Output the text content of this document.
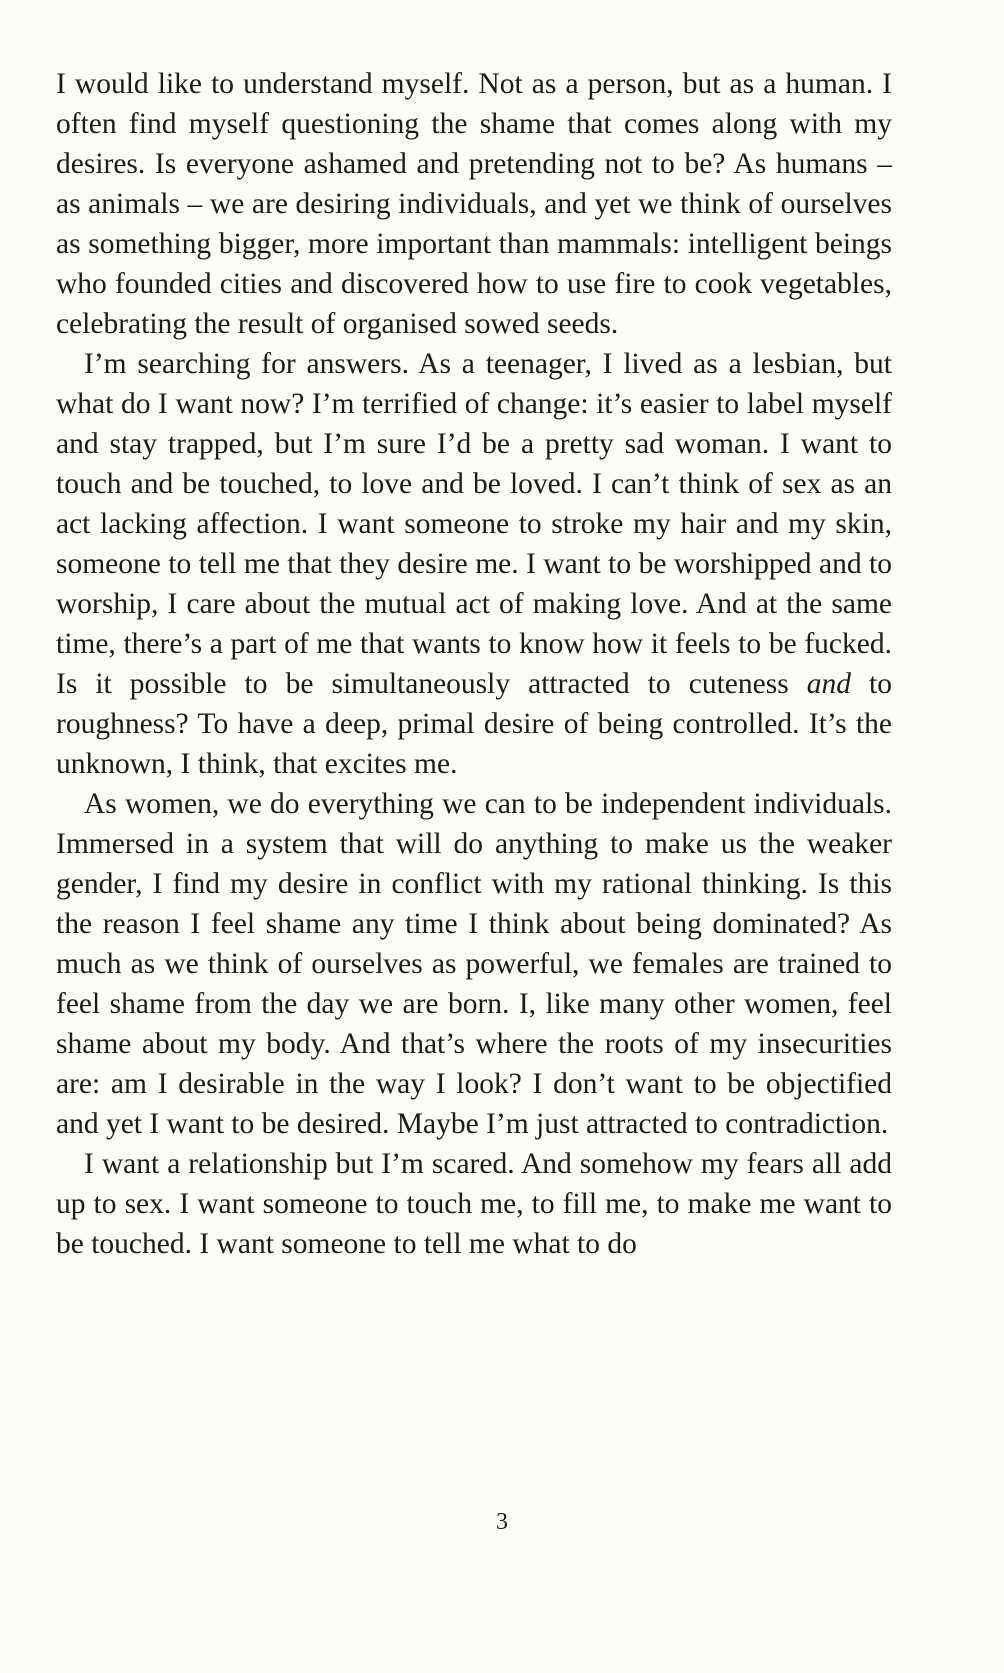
I would like to understand myself. Not as a person, but as a human. I often find myself questioning the shame that comes along with my desires. Is everyone ashamed and pretending not to be? As humans – as animals – we are desiring individuals, and yet we think of ourselves as something bigger, more important than mammals: intelligent beings who founded cities and discovered how to use fire to cook vegetables, celebrating the result of organised sowed seeds.

I’m searching for answers. As a teenager, I lived as a lesbian, but what do I want now? I’m terrified of change: it’s easier to label myself and stay trapped, but I’m sure I’d be a pretty sad woman. I want to touch and be touched, to love and be loved. I can’t think of sex as an act lacking affection. I want someone to stroke my hair and my skin, someone to tell me that they desire me. I want to be worshipped and to worship, I care about the mutual act of making love. And at the same time, there’s a part of me that wants to know how it feels to be fucked. Is it possible to be simultaneously attracted to cuteness and to roughness? To have a deep, primal desire of being controlled. It’s the unknown, I think, that excites me.

As women, we do everything we can to be independent individuals. Immersed in a system that will do anything to make us the weaker gender, I find my desire in conflict with my rational thinking. Is this the reason I feel shame any time I think about being dominated? As much as we think of ourselves as powerful, we females are trained to feel shame from the day we are born. I, like many other women, feel shame about my body. And that’s where the roots of my insecurities are: am I desirable in the way I look? I don’t want to be objectified and yet I want to be desired. Maybe I’m just attracted to contradiction.

I want a relationship but I’m scared. And somehow my fears all add up to sex. I want someone to touch me, to fill me, to make me want to be touched. I want someone to tell me what to do

3
